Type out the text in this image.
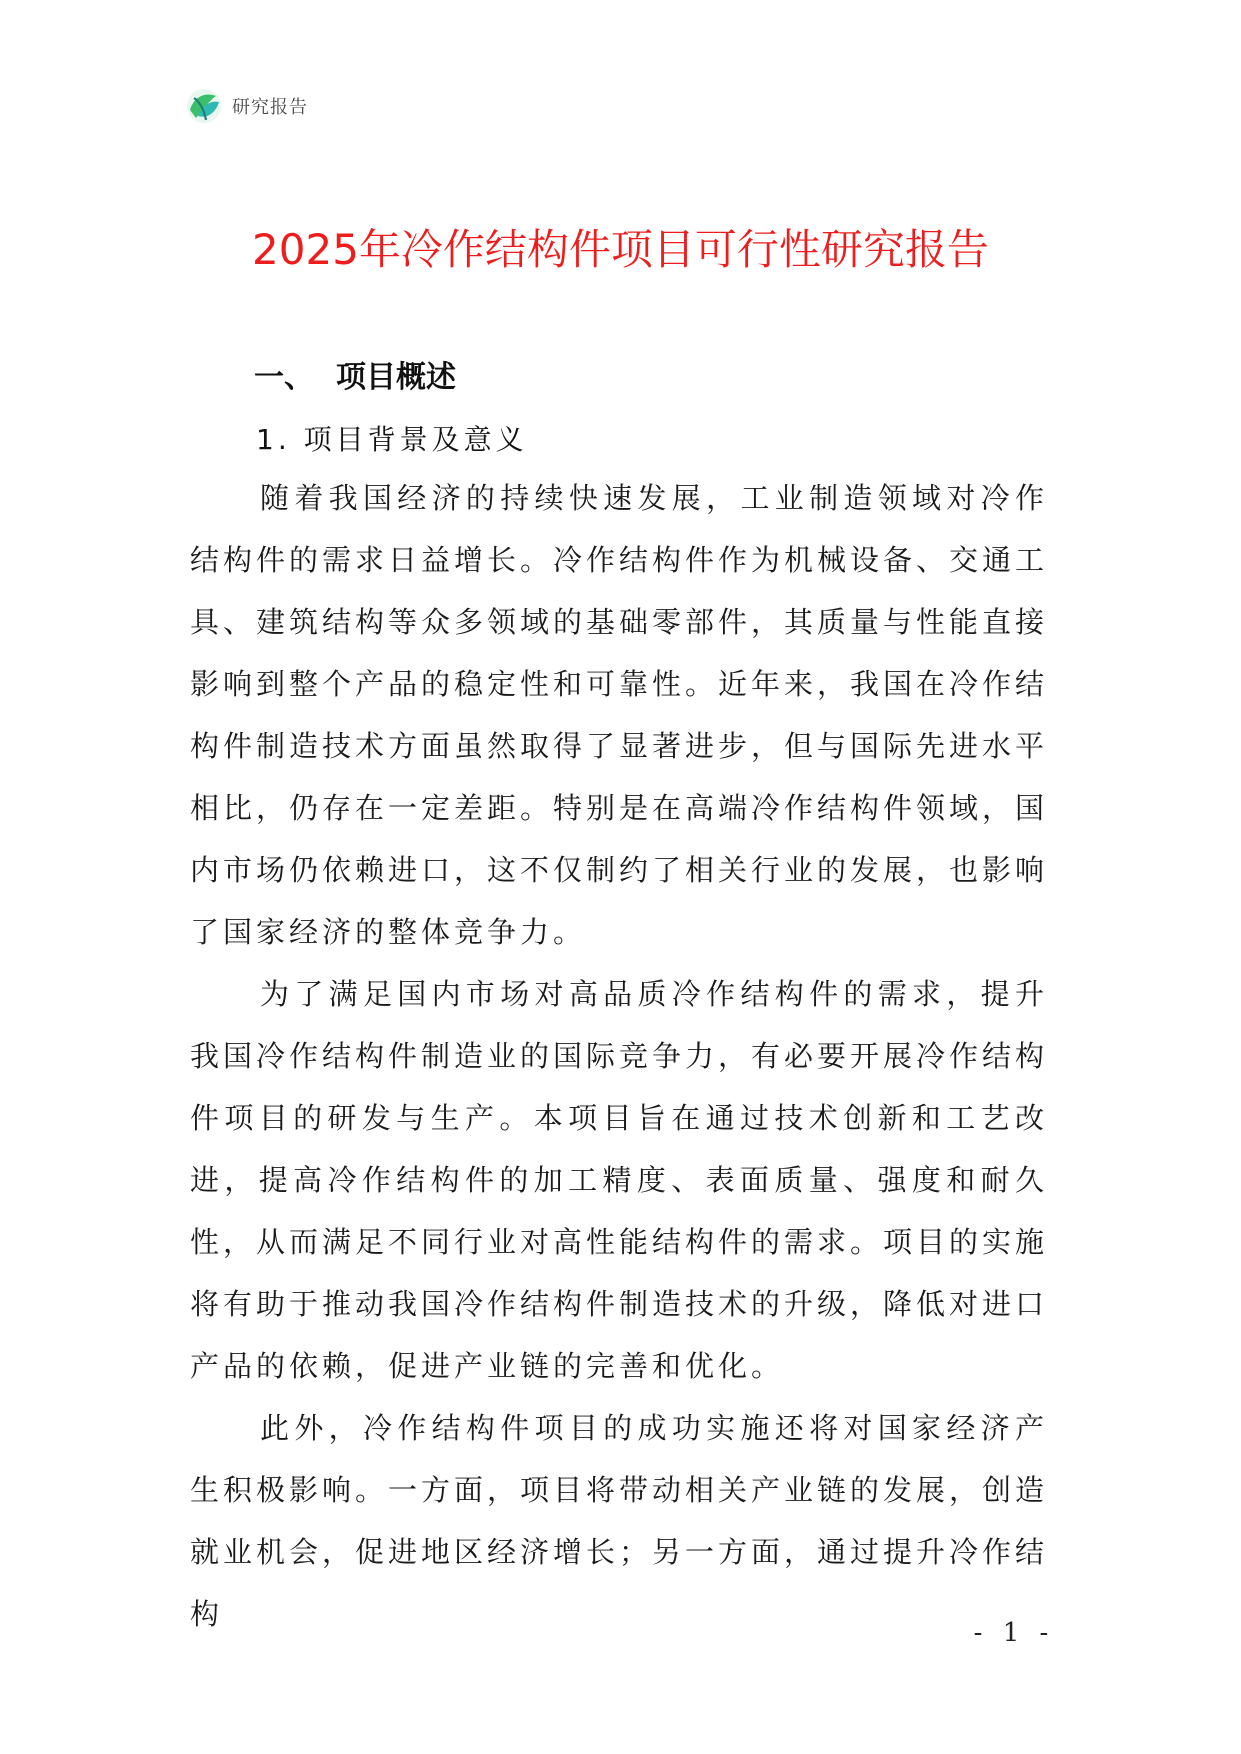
研究报告
2025年冷作结构件项目可行性研究报告
一、 项目概述
1. 项目背景及意义

随着我国经济的持续快速发展，工业制造领域对冷作结构件的需求日益增长。冷作结构件作为机械设备、交通工具、建筑结构等众多领域的基础零部件，其质量与性能直接影响到整个产品的稳定性和可靠性。近年来，我国在冷作结构件制造技术方面虽然取得了显著进步，但与国际先进水平相比，仍存在一定差距。特别是在高端冷作结构件领域，国内市场仍依赖进口，这不仅制约了相关行业的发展，也影响了国家经济的整体竞争力。

为了满足国内市场对高品质冷作结构件的需求，提升我国冷作结构件制造业的国际竞争力，有必要开展冷作结构件项目的研发与生产。本项目旨在通过技术创新和工艺改进，提高冷作结构件的加工精度、表面质量、强度和耐久性，从而满足不同行业对高性能结构件的需求。项目的实施将有助于推动我国冷作结构件制造技术的升级，降低对进口产品的依赖，促进产业链的完善和优化。

此外，冷作结构件项目的成功实施还将对国家经济产生积极影响。一方面，项目将带动相关产业链的发展，创造就业机会，促进地区经济增长；另一方面，通过提升冷作结构

- 1 -
